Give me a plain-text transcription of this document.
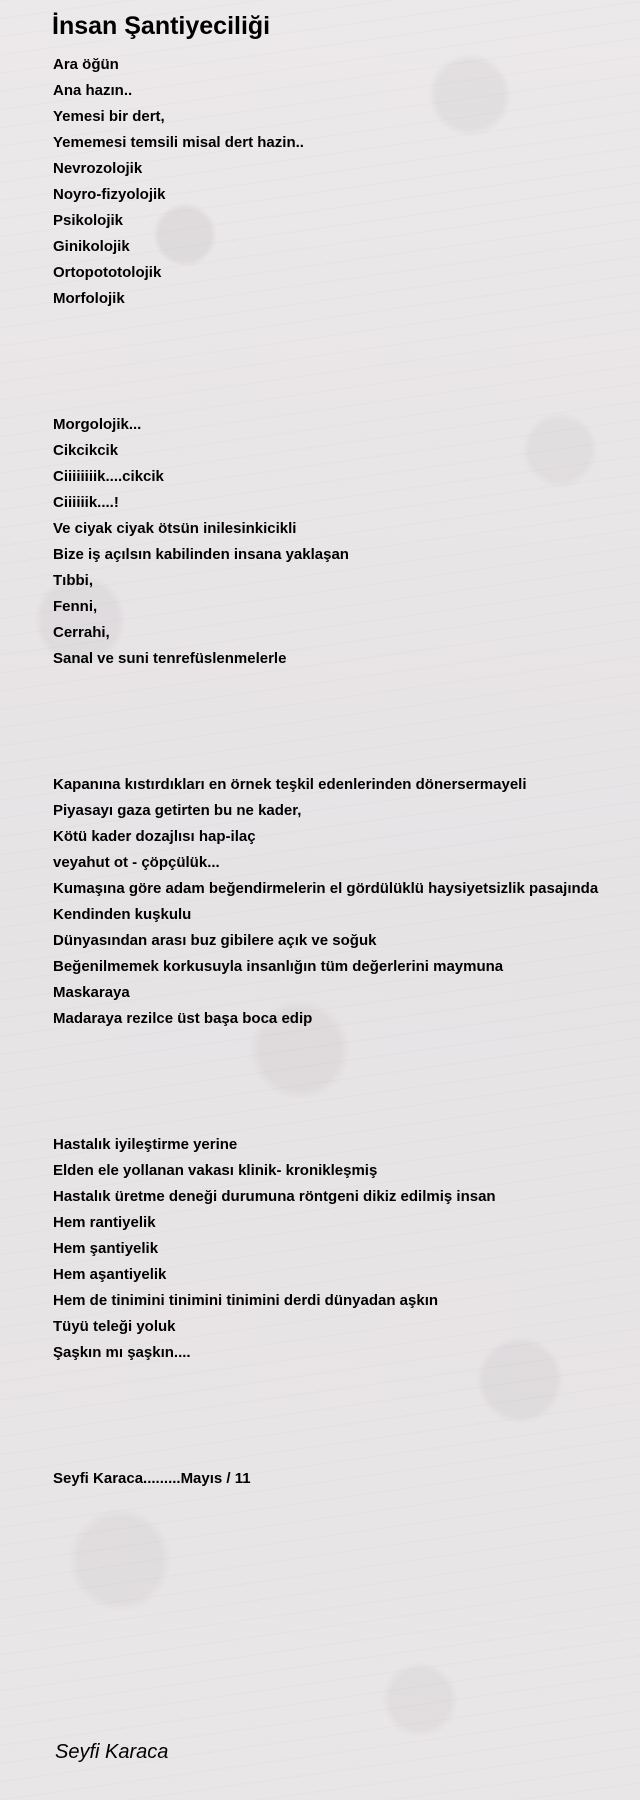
İnsan Şantiyeciliği
Ara öğün
Ana hazın..
Yemesi bir dert,
Yememesi temsili misal dert hazin..
Nevrozolojik
Noyro-fizyolojik
Psikolojik
Ginikolojik
Ortopototolojik
Morfolojik
Morgolojik...
Cikcikcik
Ciiiiiiiik....cikcik
Ciiiiiik....!
Ve ciyak ciyak ötsün inilesinkicikli
Bize iş açılsın kabilinden insana yaklaşan
Tıbbi,
Fenni,
Cerrahi,
Sanal ve suni tenrefüslenmelerle
Kapanına kıstırdıkları en örnek teşkil edenlerinden dönersermayeli
Piyasayı gaza getirten bu ne kader,
Kötü kader dozajlısı hap-ilaç
veyahut ot - çöpçülük...
Kumaşına göre adam beğendirmelerin el gördülüklü haysiyetsizlik pasajında
Kendinden kuşkulu
Dünyasından arası buz gibilere açık ve soğuk
Beğenilmemek korkusuyla insanlığın tüm değerlerini maymuna
Maskaraya
Madaraya rezilce üst başa boca edip
Hastalık iyileştirme yerine
Elden ele yollanan vakası klinik- kronikleşmiş
Hastalık üretme deneği durumuna röntgeni dikiz edilmiş insan
Hem rantiyelik
Hem şantiyelik
Hem aşantiyelik
Hem de tinimini tinimini tinimini derdi dünyadan aşkın
Tüyü teleği yoluk
Şaşkın mı şaşkın....
Seyfi Karaca.........Mayıs / 11
Seyfi Karaca
